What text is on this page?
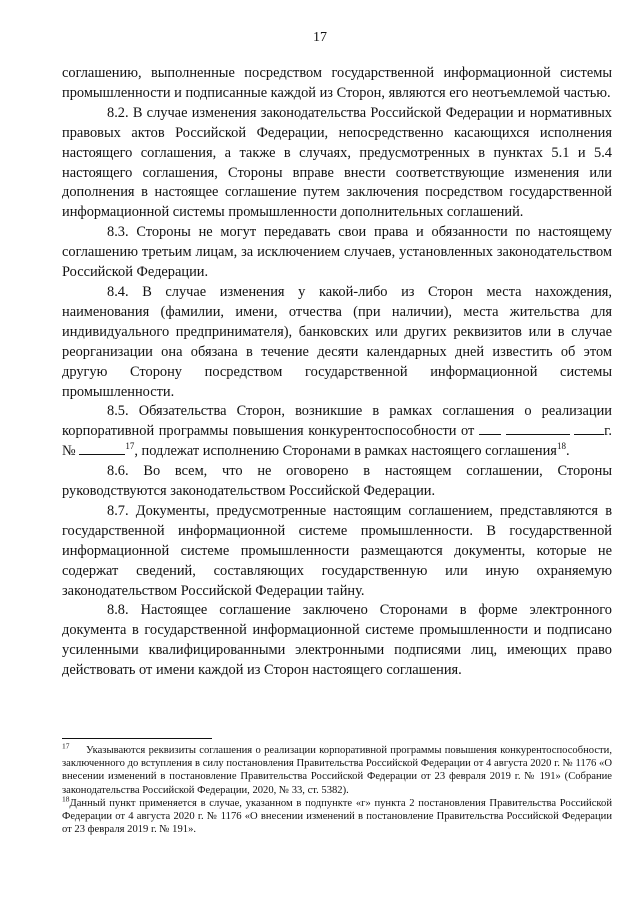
17

соглашению, выполненные посредством государственной информационной системы промышленности и подписанные каждой из Сторон, являются его неотъемлемой частью.

8.2. В случае изменения законодательства Российской Федерации и нормативных правовых актов Российской Федерации, непосредственно касающихся исполнения настоящего соглашения, а также в случаях, предусмотренных в пунктах 5.1 и 5.4 настоящего соглашения, Стороны вправе внести соответствующие изменения или дополнения в настоящее соглашение путем заключения посредством государственной информационной системы промышленности дополнительных соглашений.

8.3. Стороны не могут передавать свои права и обязанности по настоящему соглашению третьим лицам, за исключением случаев, установленных законодательством Российской Федерации.

8.4. В случае изменения у какой-либо из Сторон места нахождения, наименования (фамилии, имени, отчества (при наличии), места жительства для индивидуального предпринимателя), банковских или других реквизитов или в случае реорганизации она обязана в течение десяти календарных дней известить об этом другую Сторону посредством государственной информационной системы промышленности.

8.5. Обязательства Сторон, возникшие в рамках соглашения о реализации корпоративной программы повышения конкурентоспособности от	г. №	$^{17}$, подлежат исполнению Сторонами в рамках настоящего соглашения$^{18}$.

8.6. Во всем, что не оговорено в настоящем соглашении, Стороны руководствуются законодательством Российской Федерации.

8.7. Документы, предусмотренные настоящим соглашением, представляются в государственной информационной системе промышленности. В государственной информационной системе промышленности размещаются документы, которые не содержат сведений, составляющих государственную или иную охраняемую законодательством Российской Федерации тайну.

8.8. Настоящее соглашение заключено Сторонами в форме электронного документа в государственной информационной системе промышленности и подписано усиленными квалифицированными электронными подписями лиц, имеющих право действовать от имени каждой из Сторон настоящего соглашения.

$^{17}$ Указываются реквизиты соглашения о реализации корпоративной программы повышения конкурентоспособности, заключенного до вступления в силу постановления Правительства Российской Федерации от 4 августа 2020 г. № 1176 «О внесении изменений в постановление Правительства Российской Федерации от 23 февраля 2019 г. № 191» (Собрание законодательства Российской Федерации, 2020, № 33, ст. 5382).

$^{18}$Данный пункт применяется в случае, указанном в подпункте «г» пункта 2 постановления Правительства Российской Федерации от 4 августа 2020 г. № 1176 «О внесении изменений в постановление Правительства Российской Федерации от 23 февраля 2019 г. № 191».
